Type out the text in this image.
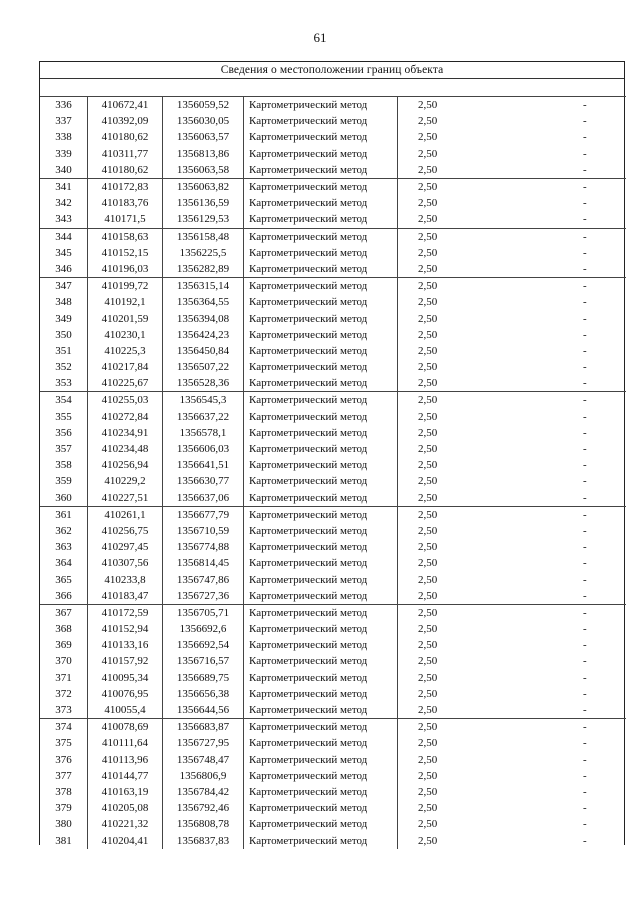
61
Сведения о местоположении границ объекта
336	410672,41	1356059,52	Картометрический метод	2,50	-
337	410392,09	1356030,05	Картометрический метод	2,50	-
338	410180,62	1356063,57	Картометрический метод	2,50	-
339	410311,77	1356813,86	Картометрический метод	2,50	-
340	410180,62	1356063,58	Картометрический метод	2,50	-
341	410172,83	1356063,82	Картометрический метод	2,50	-
342	410183,76	1356136,59	Картометрический метод	2,50	-
343	410171,5	1356129,53	Картометрический метод	2,50	-
344	410158,63	1356158,48	Картометрический метод	2,50	-
345	410152,15	1356225,5	Картометрический метод	2,50	-
346	410196,03	1356282,89	Картометрический метод	2,50	-
347	410199,72	1356315,14	Картометрический метод	2,50	-
348	410192,1	1356364,55	Картометрический метод	2,50	-
349	410201,59	1356394,08	Картометрический метод	2,50	-
350	410230,1	1356424,23	Картометрический метод	2,50	-
351	410225,3	1356450,84	Картометрический метод	2,50	-
352	410217,84	1356507,22	Картометрический метод	2,50	-
353	410225,67	1356528,36	Картометрический метод	2,50	-
354	410255,03	1356545,3	Картометрический метод	2,50	-
355	410272,84	1356637,22	Картометрический метод	2,50	-
356	410234,91	1356578,1	Картометрический метод	2,50	-
357	410234,48	1356606,03	Картометрический метод	2,50	-
358	410256,94	1356641,51	Картометрический метод	2,50	-
359	410229,2	1356630,77	Картометрический метод	2,50	-
360	410227,51	1356637,06	Картометрический метод	2,50	-
361	410261,1	1356677,79	Картометрический метод	2,50	-
362	410256,75	1356710,59	Картометрический метод	2,50	-
363	410297,45	1356774,88	Картометрический метод	2,50	-
364	410307,56	1356814,45	Картометрический метод	2,50	-
365	410233,8	1356747,86	Картометрический метод	2,50	-
366	410183,47	1356727,36	Картометрический метод	2,50	-
367	410172,59	1356705,71	Картометрический метод	2,50	-
368	410152,94	1356692,6	Картометрический метод	2,50	-
369	410133,16	1356692,54	Картометрический метод	2,50	-
370	410157,92	1356716,57	Картометрический метод	2,50	-
371	410095,34	1356689,75	Картометрический метод	2,50	-
372	410076,95	1356656,38	Картометрический метод	2,50	-
373	410055,4	1356644,56	Картометрический метод	2,50	-
374	410078,69	1356683,87	Картометрический метод	2,50	-
375	410111,64	1356727,95	Картометрический метод	2,50	-
376	410113,96	1356748,47	Картометрический метод	2,50	-
377	410144,77	1356806,9	Картометрический метод	2,50	-
378	410163,19	1356784,42	Картометрический метод	2,50	-
379	410205,08	1356792,46	Картометрический метод	2,50	-
380	410221,32	1356808,78	Картометрический метод	2,50	-
381	410204,41	1356837,83	Картометрический метод	2,50	-
